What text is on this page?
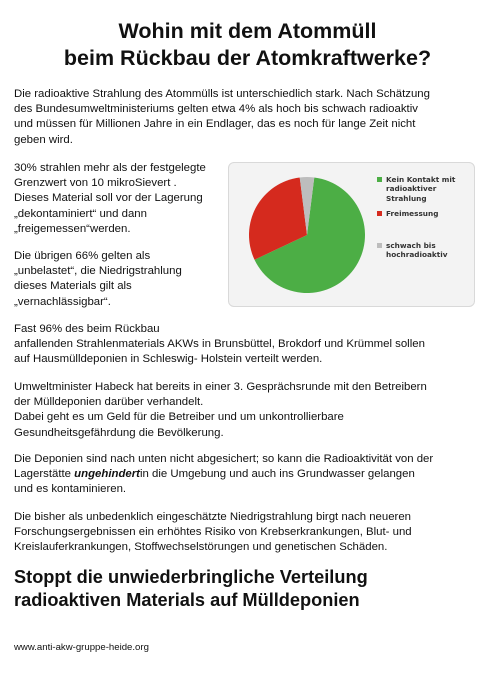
Wohin mit dem Atommüll
beim Rückbau der Atomkraftwerke?

Die radioaktive Strahlung des Atommülls ist unterschiedlich stark. Nach Schätzung
des Bundesumweltministeriums gelten etwa 4% als hoch bis schwach radioaktiv
und müssen für Millionen Jahre in ein Endlager, das es noch für lange Zeit nicht
geben wird.

30% strahlen mehr als der festgelegte
Grenzwert von 10 mikroSievert .
Dieses Material soll vor der Lagerung
„dekontaminiert“ und dann
„freigemessen“werden.

Die übrigen 66% gelten als
„unbelastet“, die Niedrigstrahlung
dieses Materials gilt als
„vernachlässigbar“.

Kein Kontakt mit
radioaktiver
Strahlung
Freimessung
schwach bis
hochradioaktiv

Fast 96% des beim Rückbau
anfallenden Strahlenmaterials AKWs in Brunsbüttel, Brokdorf und Krümmel sollen
auf Hausmülldeponien in Schleswig- Holstein verteilt werden.

Umweltminister Habeck hat bereits in einer 3. Gesprächsrunde mit den Betreibern
der Mülldeponien darüber verhandelt.
Dabei geht es um Geld für die Betreiber und um unkontrollierbare
Gesundheitsgefährdung die Bevölkerung.

Die Deponien sind nach unten nicht abgesichert; so kann die Radioaktivität von der
Lagerstätte ungehindertin die Umgebung und auch ins Grundwasser gelangen
und es kontaminieren.

Die bisher als unbedenklich eingeschätzte Niedrigstrahlung birgt nach neueren
Forschungsergebnissen ein erhöhtes Risiko von Krebserkrankungen, Blut- und
Kreislauferkrankungen, Stoffwechselstörungen und genetischen Schäden.

Stoppt die unwiederbringliche Verteilung
radioaktiven Materials auf Mülldeponien

www.anti-akw-gruppe-heide.org
